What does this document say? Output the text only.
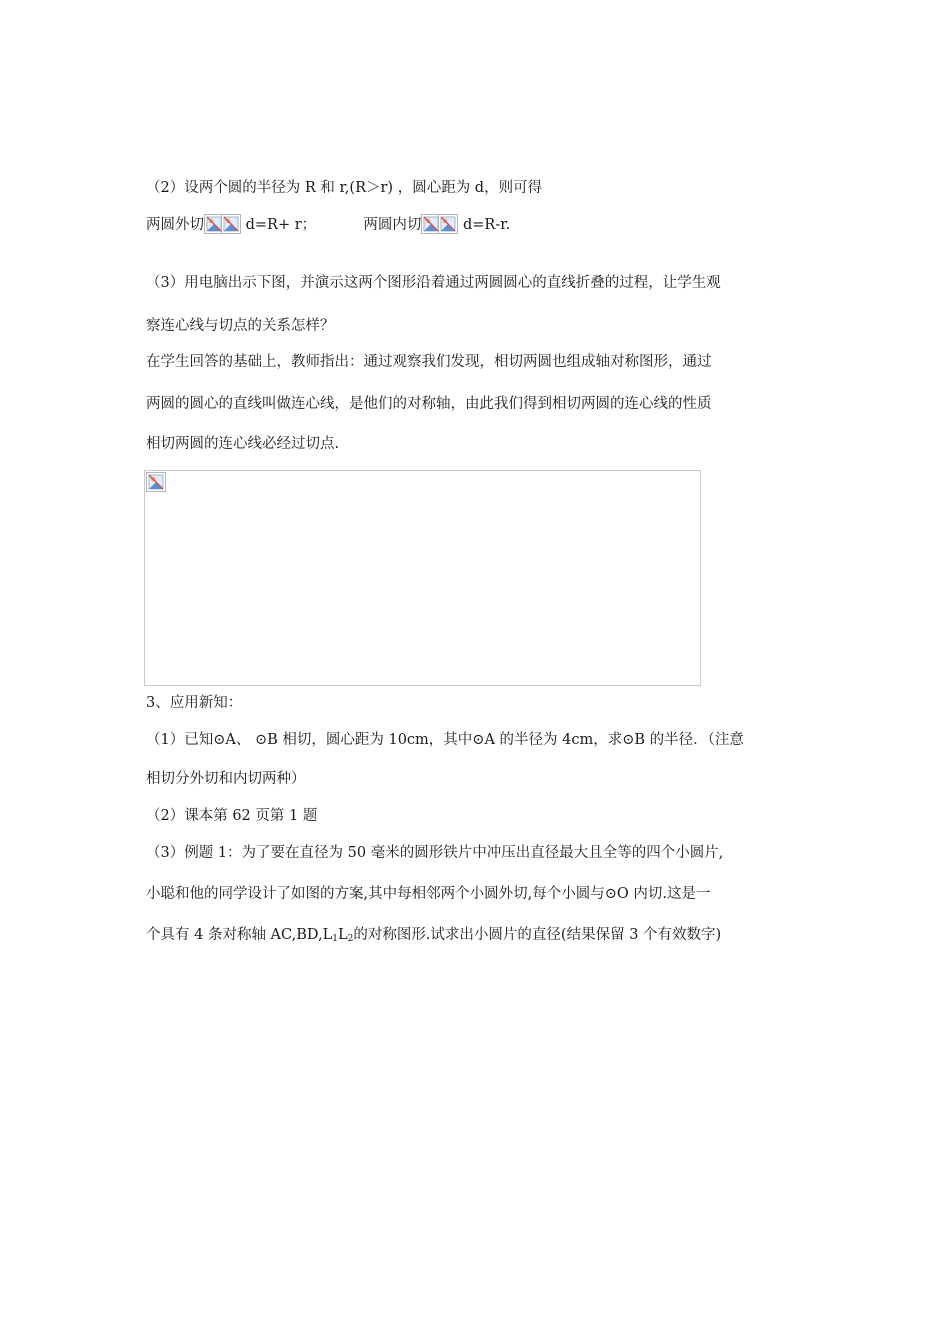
（2）设两个圆的半径为 R 和 r,(R＞r) ，圆心距为 d，则可得
两圆外切	d=R+ r；	两圆内切	d=R-r.
（3）用电脑出示下图，并演示这两个图形沿着通过两圆圆心的直线折叠的过程，让学生观
察连心线与切点的关系怎样？
在学生回答的基础上，教师指出：通过观察我们发现，相切两圆也组成轴对称图形，通过
两圆的圆心的直线叫做连心线，是他们的对称轴，由此我们得到相切两圆的连心线的性质
相切两圆的连心线必经过切点.
3、应用新知：
（1）已知⊙A、 ⊙B 相切，圆心距为 10cm，其中⊙A 的半径为 4cm，求⊙B 的半径．（注意
相切分外切和内切两种）
（2）课本第 62 页第 1 题
（3）例题 1：为了要在直径为 50 毫米的圆形铁片中冲压出直径最大且全等的四个小圆片,
小聪和他的同学设计了如图的方案,其中每相邻两个小圆外切,每个小圆与⊙O 内切.这是一
个具有 4 条对称轴 $AC,BD,L_1L_2$的对称图形.试求出小圆片的直径(结果保留 3 个有效数字)
